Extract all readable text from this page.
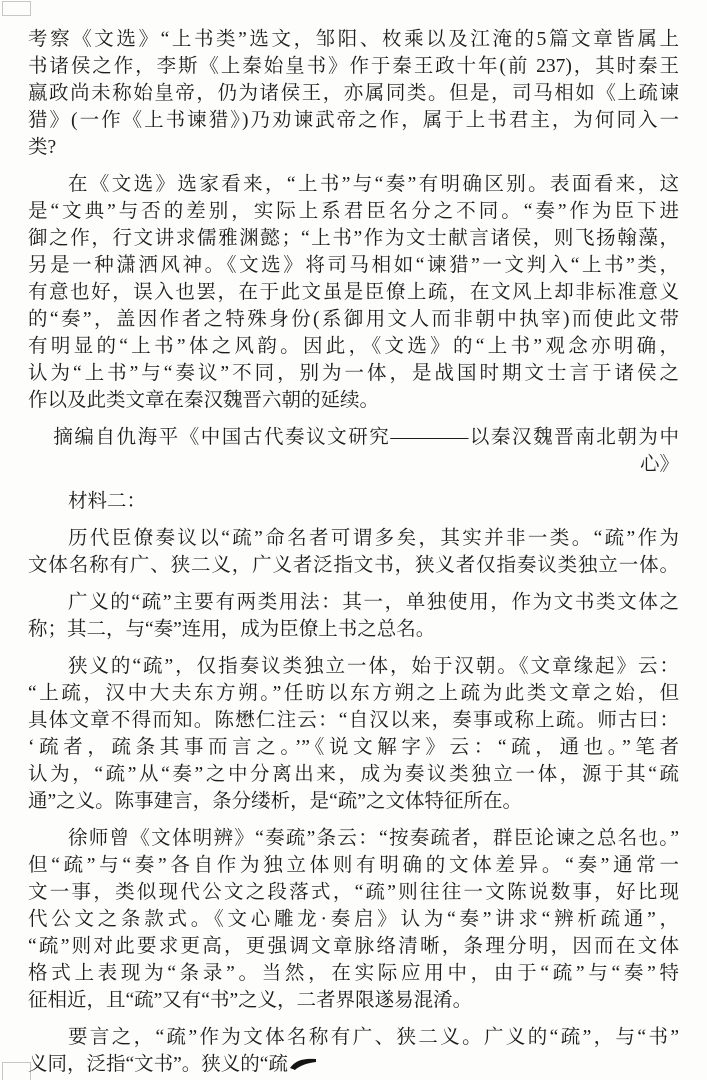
考察《文选》“上书类”选文，邹阳、枚乘以及江淹的5篇文章皆属上
书诸侯之作，李斯《上秦始皇书》作于秦王政十年(前 237)，其时秦王
嬴政尚未称始皇帝，仍为诸侯王，亦属同类。但是，司马相如《上疏谏
猎》(一作《上书谏猎》)乃劝谏武帝之作，属于上书君主，为何同入一
类?
在《文选》选家看来，“上书”与“奏”有明确区别。表面看来，这
是“文典”与否的差别，实际上系君臣名分之不同。“奏”作为臣下进
御之作，行文讲求儒雅渊懿；“上书”作为文士献言诸侯，则飞扬翰藻，
另是一种潇洒风神。《文选》将司马相如“谏猎”一文判入“上书”类，
有意也好，误入也罢，在于此文虽是臣僚上疏，在文风上却非标准意义
的“奏”，盖因作者之特殊身份(系御用文人而非朝中执宰)而使此文带
有明显的“上书”体之风韵。因此，《文选》的“上书”观念亦明确，
认为“上书”与“奏议”不同，别为一体，是战国时期文士言于诸侯之
作以及此类文章在秦汉魏晋六朝的延续。
摘编自仇海平《中国古代奏议文研究————以秦汉魏晋南北朝为中
心》
材料二：
历代臣僚奏议以“疏”命名者可谓多矣，其实并非一类。“疏”作为
文体名称有广、狭二义，广义者泛指文书，狭义者仅指奏议类独立一体。
广义的“疏”主要有两类用法：其一，单独使用，作为文书类文体之
称；其二，与“奏”连用，成为臣僚上书之总名。
狭义的“疏”，仅指奏议类独立一体，始于汉朝。《文章缘起》云：
“上疏，汉中大夫东方朔。”任昉以东方朔之上疏为此类文章之始，但
具体文章不得而知。陈懋仁注云：“自汉以来，奏事或称上疏。师古曰：
‘疏者，疏条其事而言之。’”《说文解字》云：“疏，通也。”笔者
认为，“疏”从“奏”之中分离出来，成为奏议类独立一体，源于其“疏
通”之义。陈事建言，条分缕析，是“疏”之文体特征所在。
徐师曾《文体明辨》“奏疏”条云：“按奏疏者，群臣论谏之总名也。”
但“疏”与“奏”各自作为独立体则有明确的文体差异。“奏”通常一
文一事，类似现代公文之段落式，“疏”则往往一文陈说数事，好比现
代公文之条款式。《文心雕龙·奏启》认为“奏”讲求“辨析疏通”，
“疏”则对此要求更高，更强调文章脉络清晰，条理分明，因而在文体
格式上表现为“条录”。当然，在实际应用中，由于“疏”与“奏”特
征相近，且“疏”又有“书”之义，二者界限遂易混淆。
要言之，“疏”作为文体名称有广、狭二义。广义的“疏”，与“书”
义同，泛指“文书”。狭义的“疏
